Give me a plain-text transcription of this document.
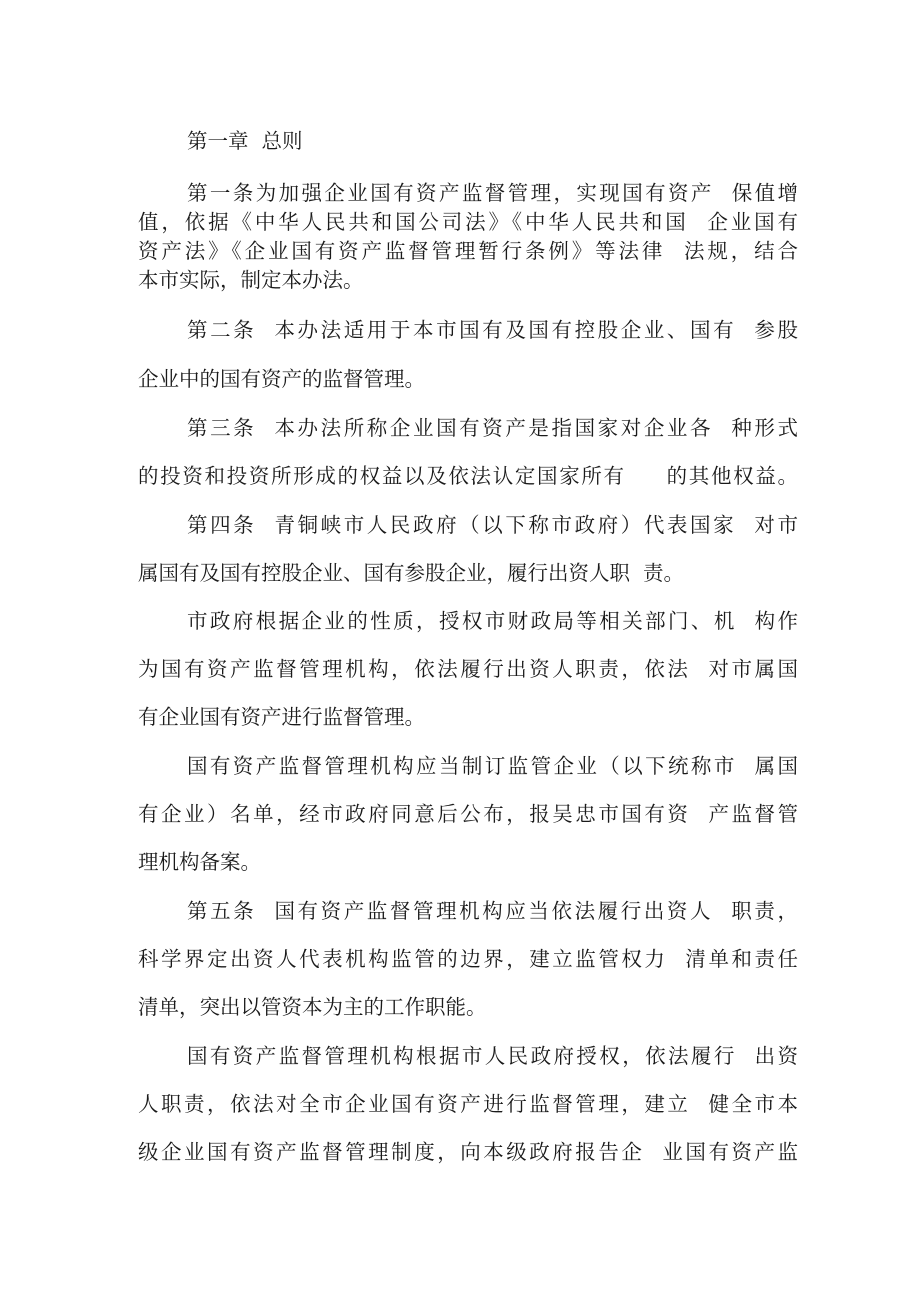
第一章  总则

第一条为加强企业国有资产监督管理，实现国有资产  保值增

值，依据《中华人民共和国公司法》《中华人民共和国  企业国有

资产法》《企业国有资产监督管理暂行条例》等法律  法规，结合

本市实际，制定本办法。

第二条  本办法适用于本市国有及国有控股企业、国有  参股

企业中的国有资产的监督管理。

第三条  本办法所称企业国有资产是指国家对企业各  种形式

的投资和投资所形成的权益以及依法认定国家所有     的其他权益。

第四条  青铜峡市人民政府（以下称市政府）代表国家  对市

属国有及国有控股企业、国有参股企业，履行出资人职  责。

市政府根据企业的性质，授权市财政局等相关部门、机  构作

为国有资产监督管理机构，依法履行出资人职责，依法  对市属国

有企业国有资产进行监督管理。

国有资产监督管理机构应当制订监管企业（以下统称市  属国

有企业）名单，经市政府同意后公布，报吴忠市国有资  产监督管

理机构备案。

第五条  国有资产监督管理机构应当依法履行出资人  职责，

科学界定出资人代表机构监管的边界，建立监管权力  清单和责任

清单，突出以管资本为主的工作职能。

国有资产监督管理机构根据市人民政府授权，依法履行  出资

人职责，依法对全市企业国有资产进行监督管理，建立  健全市本

级企业国有资产监督管理制度，向本级政府报告企  业国有资产监
